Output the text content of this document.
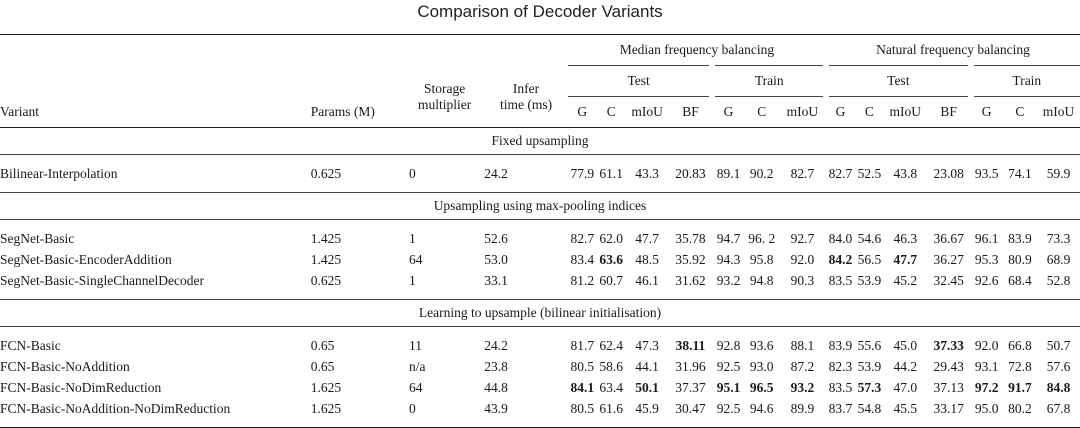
Comparison of Decoder Variants
				Median frequency balancing							Natural frequency balancing						
		Storage	Infer	Test				Train			Test				Train		
Variant	Params (M)	multiplier	time (ms)	G	C	mIoU	BF	G	C	mIoU	G	C	mIoU	BF	G	C	mIoU
Fixed upsampling																	

Bilinear-Interpolation	0.625	0	24.2	77.9	61.1	43.3	20.83	89.1	90.2	82.7	82.7	52.5	43.8	23.08	93.5	74.1	59.9

Upsampling using max-pooling indices																	

SegNet-Basic	1.425	1	52.6	82.7	62.0	47.7	35.78	94.7	96. 2	92.7	84.0	54.6	46.3	36.67	96.1	83.9	73.3
SegNet-Basic-EncoderAddition	1.425	64	53.0	83.4	63.6	48.5	35.92	94.3	95.8	92.0	84.2	56.5	47.7	36.27	95.3	80.9	68.9
SegNet-Basic-SingleChannelDecoder	0.625	1	33.1	81.2	60.7	46.1	31.62	93.2	94.8	90.3	83.5	53.9	45.2	32.45	92.6	68.4	52.8

Learning to upsample (bilinear initialisation)																	

FCN-Basic	0.65	11	24.2	81.7	62.4	47.3	38.11	92.8	93.6	88.1	83.9	55.6	45.0	37.33	92.0	66.8	50.7
FCN-Basic-NoAddition	0.65	n/a	23.8	80.5	58.6	44.1	31.96	92.5	93.0	87.2	82.3	53.9	44.2	29.43	93.1	72.8	57.6
FCN-Basic-NoDimReduction	1.625	64	44.8	84.1	63.4	50.1	37.37	95.1	96.5	93.2	83.5	57.3	47.0	37.13	97.2	91.7	84.8
FCN-Basic-NoAddition-NoDimReduction	1.625	0	43.9	80.5	61.6	45.9	30.47	92.5	94.6	89.9	83.7	54.8	45.5	33.17	95.0	80.2	67.8
